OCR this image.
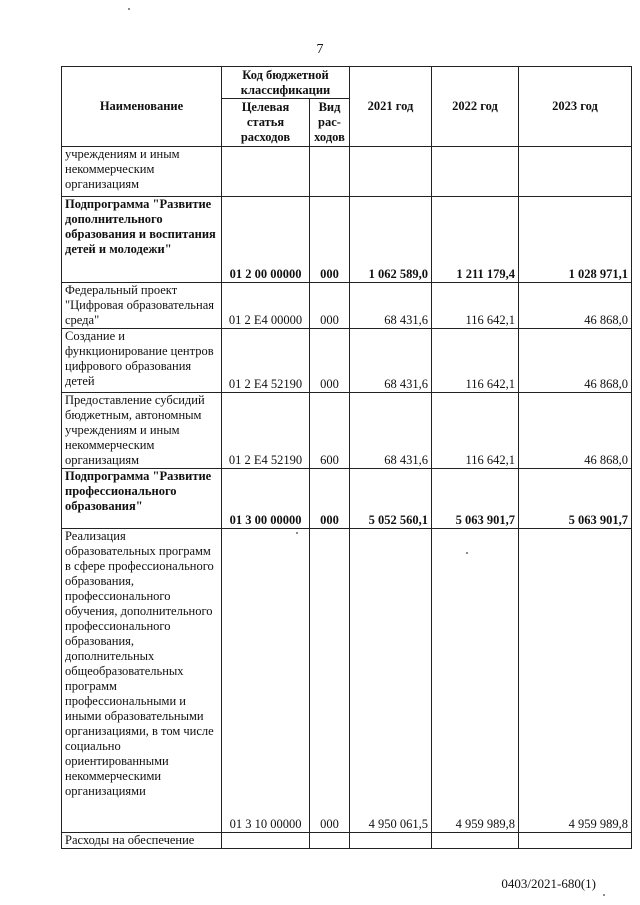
7
Наименование	Код бюджетной классификации		2021 год	2022 год	2023 год
	Целевая статья расходов	Вид рас-ходов			
учреждениям и иным некоммерческим организациям					
Подпрограмма "Развитие дополнительного образования и воспитания детей и молодежи"	01 2 00 00000	000	1 062 589,0	1 211 179,4	1 028 971,1
Федеральный проект "Цифровая образовательная среда"	01 2 E4 00000	000	68 431,6	116 642,1	46 868,0
Создание и функционирование центров цифрового образования детей	01 2 E4 52190	000	68 431,6	116 642,1	46 868,0
Предоставление субсидий бюджетным, автономным учреждениям и иным некоммерческим организациям	01 2 E4 52190	600	68 431,6	116 642,1	46 868,0
Подпрограмма "Развитие профессионального образования"	01 3 00 00000	000	5 052 560,1	5 063 901,7	5 063 901,7
Реализация образовательных программ в сфере профессионального образования, профессионального обучения, дополнительного профессионального образования, дополнительных общеобразовательных программ профессиональными и иными образовательными организациями, в том числе социально ориентированными некоммерческими организациями	01 3 10 00000	000	4 950 061,5	4 959 989,8	4 959 989,8
Расходы на обеспечение					
0403/2021-680(1)
